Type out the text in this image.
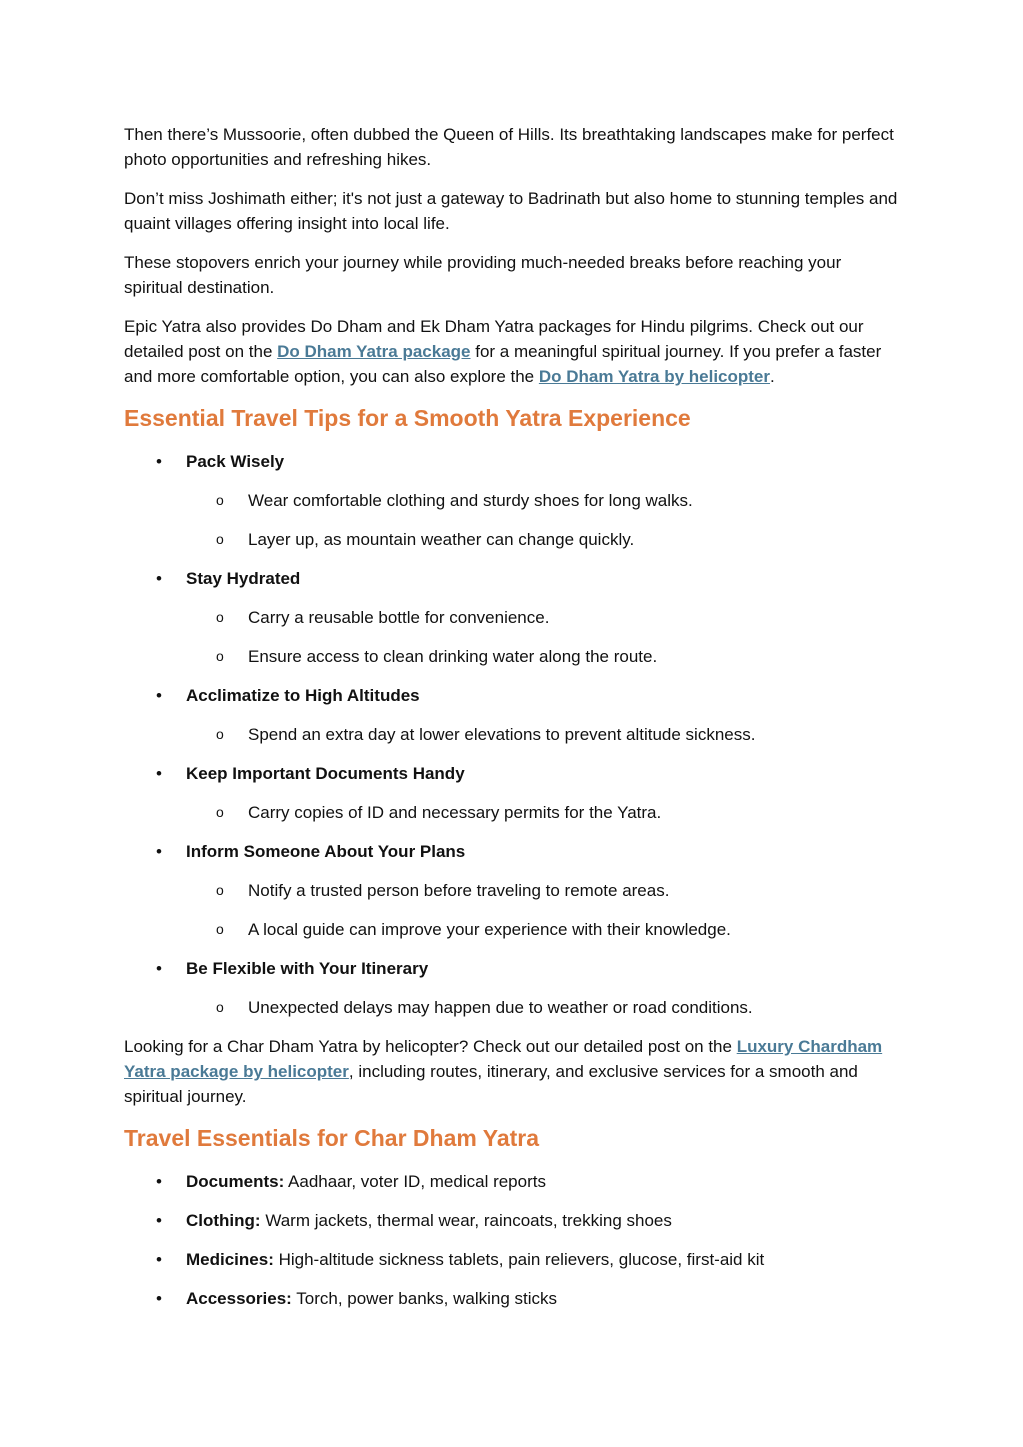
Then there’s Mussoorie, often dubbed the Queen of Hills. Its breathtaking landscapes make for perfect photo opportunities and refreshing hikes.

Don’t miss Joshimath either; it's not just a gateway to Badrinath but also home to stunning temples and quaint villages offering insight into local life.

These stopovers enrich your journey while providing much-needed breaks before reaching your spiritual destination.

Epic Yatra also provides Do Dham and Ek Dham Yatra packages for Hindu pilgrims. Check out our detailed post on the Do Dham Yatra package for a meaningful spiritual journey. If you prefer a faster and more comfortable option, you can also explore the Do Dham Yatra by helicopter.

Essential Travel Tips for a Smooth Yatra Experience
• Pack Wisely
o Wear comfortable clothing and sturdy shoes for long walks.
o Layer up, as mountain weather can change quickly.
• Stay Hydrated
o Carry a reusable bottle for convenience.
o Ensure access to clean drinking water along the route.
• Acclimatize to High Altitudes
o Spend an extra day at lower elevations to prevent altitude sickness.
• Keep Important Documents Handy
o Carry copies of ID and necessary permits for the Yatra.
• Inform Someone About Your Plans
o Notify a trusted person before traveling to remote areas.
o A local guide can improve your experience with their knowledge.
• Be Flexible with Your Itinerary
o Unexpected delays may happen due to weather or road conditions.

Looking for a Char Dham Yatra by helicopter? Check out our detailed post on the Luxury Chardham Yatra package by helicopter, including routes, itinerary, and exclusive services for a smooth and spiritual journey.

Travel Essentials for Char Dham Yatra
• Documents: Aadhaar, voter ID, medical reports
• Clothing: Warm jackets, thermal wear, raincoats, trekking shoes
• Medicines: High-altitude sickness tablets, pain relievers, glucose, first-aid kit
• Accessories: Torch, power banks, walking sticks
